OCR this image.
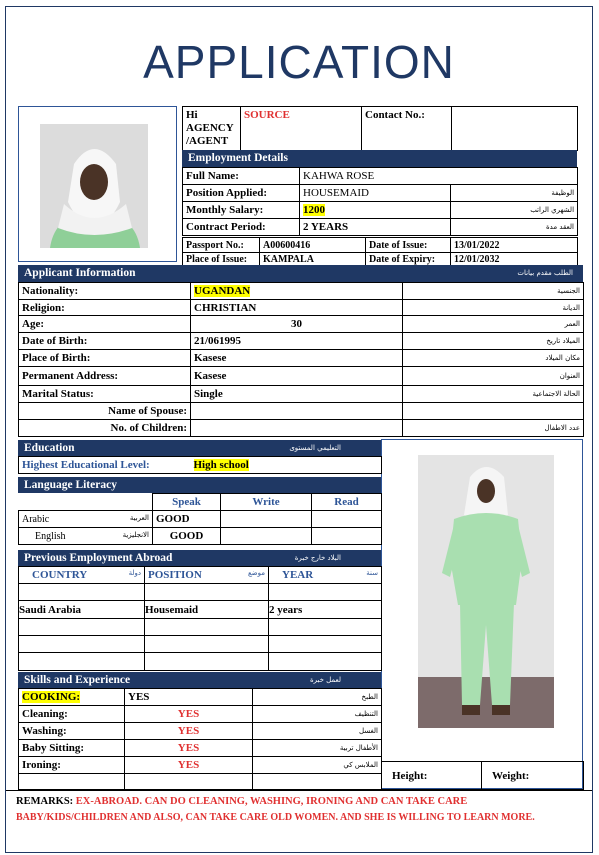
APPLICATION
Hi
AGENCY
/AGENT
	SOURCE	Contact No.:	
Employment Details
Full Name:	KAHWA ROSE	
Position Applied:	HOUSEMAID	الوظيفة
Monthly Salary:	1200	الشهري الراتب
Contract Period:	2 YEARS	العقد مدة
Passport No.:	A00600416	Date of Issue:	13/01/2022
Place of Issue:	KAMPALA	Date of Expiry:	12/01/2032
Applicant Information	الطلب مقدم بيانات
Nationality:	UGANDAN	الجنسية
Religion:	CHRISTIAN	الديانة
Age:	30	العمر
Date of Birth:	21/061995	الميلاد تاريخ
Place of Birth:	Kasese	مكان الميلاد
Permanent Address:	Kasese	العنوان
Marital Status:	Single	الحالة الاجتماعية
Name of Spouse:		
No. of Children:		عدد الاطفال
Education	التعليمي المستوى
Highest Educational Level:	High school
Language Literacy
	Speak	Write	Read
Arabic العربية	GOOD		
English الانجليزية	GOOD		
Previous Employment Abroad	البلاد خارج خبرة
COUNTRY دولة	POSITION موضع	YEAR سنة

Saudi Arabia	Housemaid	2 years

Skills and Experience	لعمل خبرة
COOKING:	YES	الطبخ
Cleaning:	YES	التنظيف
Washing:	YES	الغسل
Baby Sitting:	YES	الأطفال تربية
Ironing:	YES	الملابس كي

Height:	Weight:
REMARKS: EX-ABROAD. CAN DO CLEANING, WASHING, IRONING AND CAN TAKE CARE
BABY/KIDS/CHILDREN AND ALSO, CAN TAKE CARE OLD WOMEN. AND SHE IS WILLING TO LEARN MORE.
